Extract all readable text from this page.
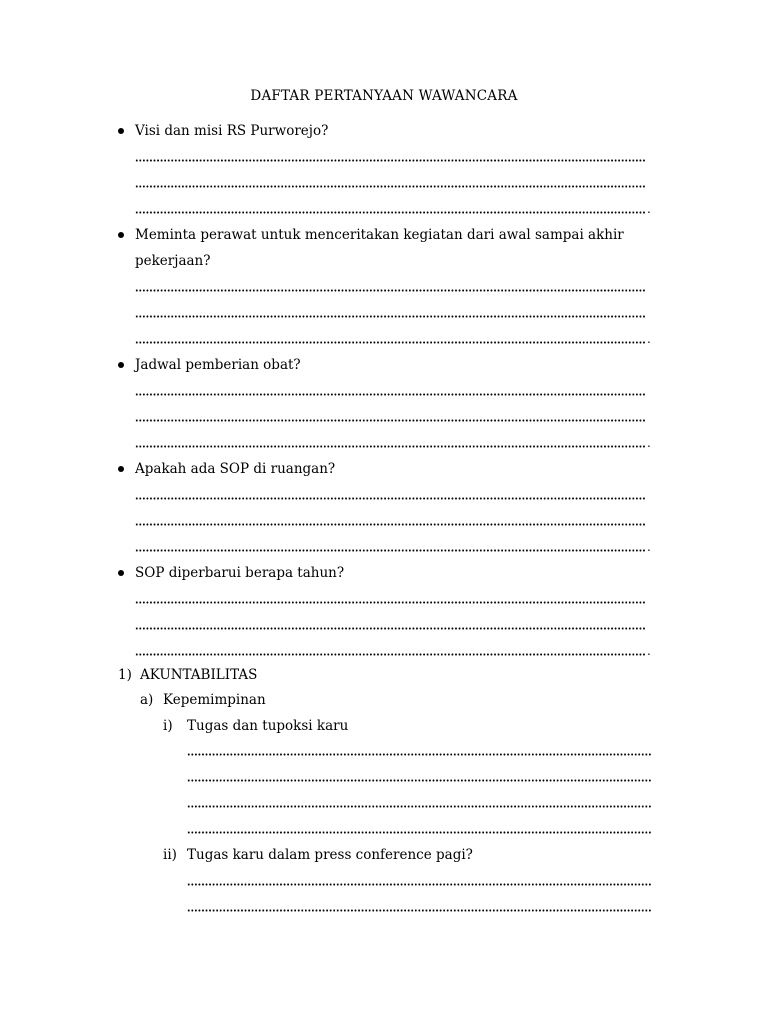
DAFTAR PERTANYAAN WAWANCARA
Visi dan misi RS Purworejo?
.
Meminta perawat untuk menceritakan kegiatan dari awal sampai akhir
pekerjaan?
.
Jadwal pemberian obat?
.
Apakah ada SOP di ruangan?
.
SOP diperbarui berapa tahun?
.
1) AKUNTABILITAS
a) Kepemimpinan
i) Tugas dan tupoksi karu
ii) Tugas karu dalam press conference pagi?
